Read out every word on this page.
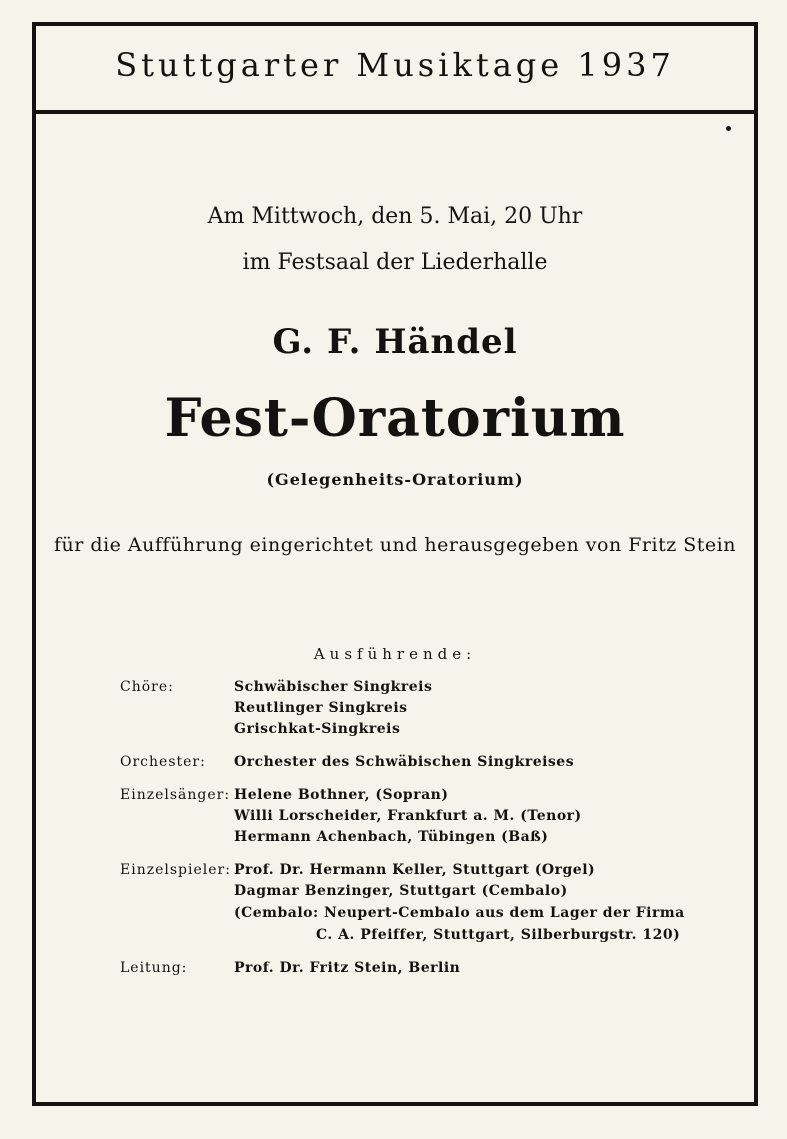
Stuttgarter Musiktage 1937
Am Mittwoch, den 5. Mai, 20 Uhr
im Festsaal der Liederhalle
G. F. Händel
Fest-Oratorium
(Gelegenheits-Oratorium)
für die Aufführung eingerichtet und herausgegeben von Fritz Stein
Ausführende:
Chöre:	Schwäbischer Singkreis
Reutlinger Singkreis
Grischkat-Singkreis
Orchester:	Orchester des Schwäbischen Singkreises
Einzelsänger: Helene Bothner, (Sopran)
Willi Lorscheider, Frankfurt a. M. (Tenor)
Hermann Achenbach, Tübingen (Baß)
Einzelspieler: Prof. Dr. Hermann Keller, Stuttgart (Orgel)
Dagmar Benzinger, Stuttgart (Cembalo)
(Cembalo: Neupert-Cembalo aus dem Lager der Firma
C. A. Pfeiffer, Stuttgart, Silberburgstr. 120)
Leitung:	Prof. Dr. Fritz Stein, Berlin
